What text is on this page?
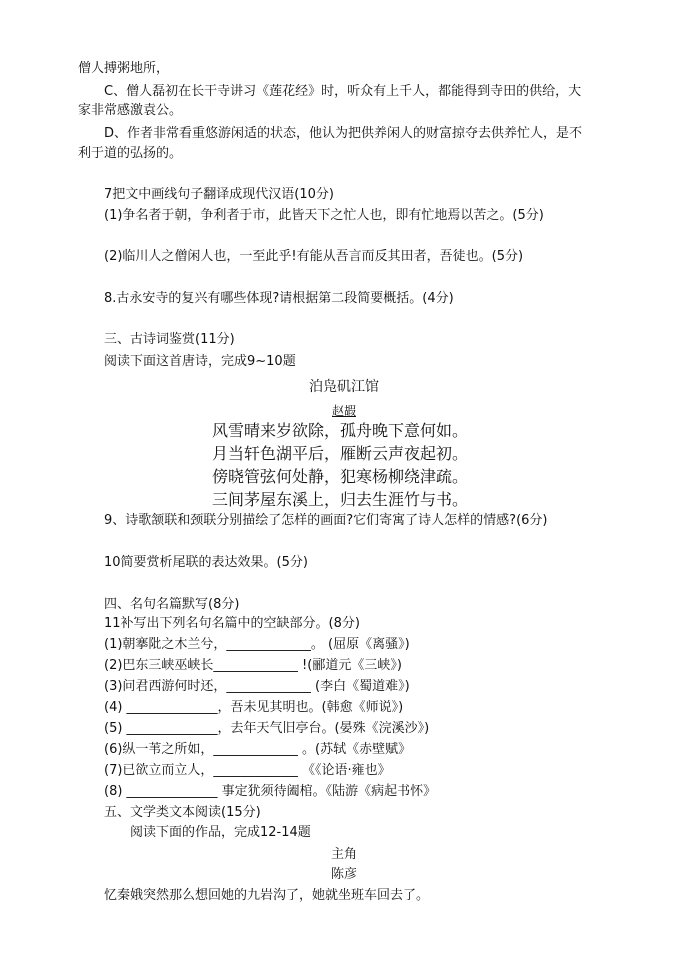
僧人搏粥地所，
C、僧人磊初在长干寺讲习《莲花经》时，听众有上千人，都能得到寺田的供给，大
家非常感激袁公。
D、作者非常看重悠游闲适的状态，他认为把供养闲人的财富掠夺去供养忙人，是不
利于道的弘扬的。
7把文中画线句子翻译成现代汉语(10分)
(1)争名者于朝，争利者于市，此皆天下之忙人也，即有忙地焉以苦之。(5分)
(2)临川人之僧闲人也，一至此乎!有能从吾言而反其田者，吾徒也。(5分)
8.古永安寺的复兴有哪些体现?请根据第二段简要概括。(4分)
三、古诗词鉴赏(11分)
阅读下面这首唐诗，完成9~10题
泊凫矶江馆
赵嘏
风雪晴来岁欲除，孤舟晚下意何如。
月当轩色湖平后，雁断云声夜起初。
傍晓管弦何处静，犯寒杨柳绕津疏。
三间茅屋东溪上，归去生涯竹与书。
9、诗歌颔联和颈联分别描绘了怎样的画面?它们寄寓了诗人怎样的情感?(6分)
10简要赏析尾联的表达效果。(5分)
四、名句名篇默写(8分)
11补写出下列名句名篇中的空缺部分。(8分)
(1)朝搴阰之木兰兮，_____________。 (屈原《离骚》)
(2)巴东三峡巫峡长_____________ !(郦道元《三峡》)
(3)问君西游何时还，_____________ (李白《蜀道难》)
(4) ______________，吾未见其明也。(韩愈《师说》)
(5) ______________，去年天气旧亭台。(晏殊《浣溪沙》)
(6)纵一苇之所如，_____________ 。(苏轼《赤壁赋》
(7)已欲立而立人，_____________ 《《论语·雍也》
(8) ______________ 事定犹须待阖棺。《陆游《病起书怀》
五、文学类文本阅读(15分)
阅读下面的作品，完成12-14题
主角
陈彦
忆秦娥突然那么想回她的九岩沟了，她就坐班车回去了。
